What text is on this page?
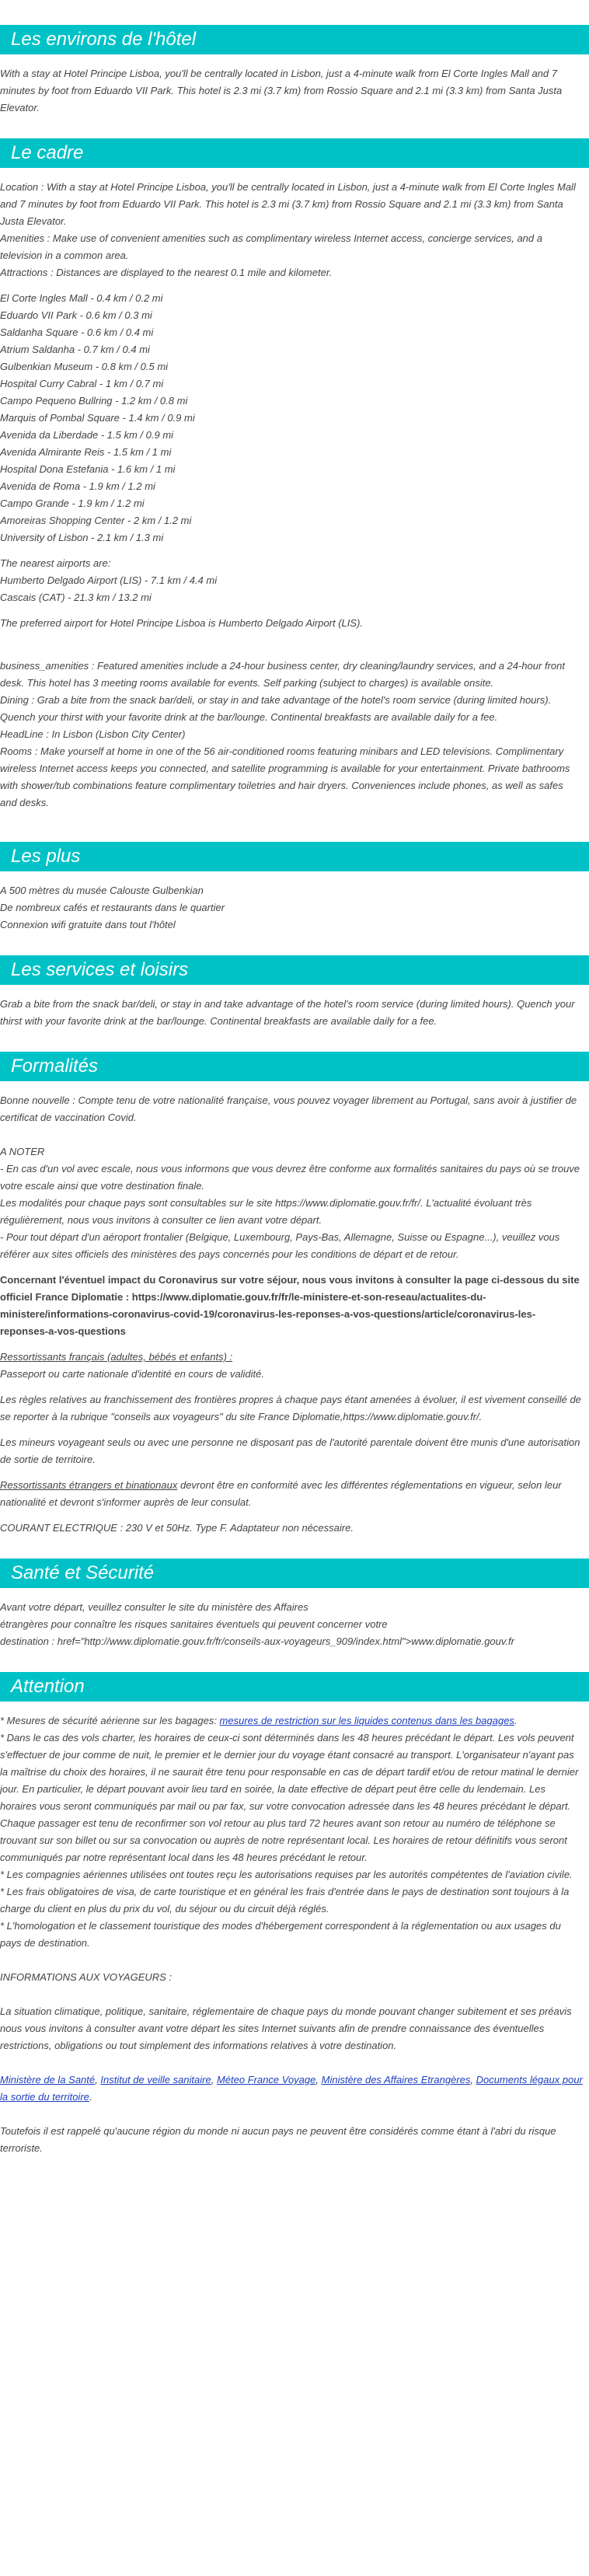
Les environs de l'hôtel

With a stay at Hotel Principe Lisboa, you'll be centrally located in Lisbon, just a 4-minute walk from El Corte Ingles Mall and 7 minutes by foot from Eduardo VII Park. This hotel is 2.3 mi (3.7 km) from Rossio Square and 2.1 mi (3.3 km) from Santa Justa Elevator.

Le cadre

Location : With a stay at Hotel Principe Lisboa, you'll be centrally located in Lisbon, just a 4-minute walk from El Corte Ingles Mall and 7 minutes by foot from Eduardo VII Park. This hotel is 2.3 mi (3.7 km) from Rossio Square and 2.1 mi (3.3 km) from Santa Justa Elevator.

Amenities : Make use of convenient amenities such as complimentary wireless Internet access, concierge services, and a television in a common area.

Attractions : Distances are displayed to the nearest 0.1 mile and kilometer.

El Corte Ingles Mall - 0.4 km / 0.2 mi
Eduardo VII Park - 0.6 km / 0.3 mi
Saldanha Square - 0.6 km / 0.4 mi
Atrium Saldanha - 0.7 km / 0.4 mi
Gulbenkian Museum - 0.8 km / 0.5 mi
Hospital Curry Cabral - 1 km / 0.7 mi
Campo Pequeno Bullring - 1.2 km / 0.8 mi
Marquis of Pombal Square - 1.4 km / 0.9 mi
Avenida da Liberdade - 1.5 km / 0.9 mi
Avenida Almirante Reis - 1.5 km / 1 mi
Hospital Dona Estefania - 1.6 km / 1 mi
Avenida de Roma - 1.9 km / 1.2 mi
Campo Grande - 1.9 km / 1.2 mi
Amoreiras Shopping Center - 2 km / 1.2 mi
University of Lisbon - 2.1 km / 1.3 mi

The nearest airports are:

Humberto Delgado Airport (LIS) - 7.1 km / 4.4 mi
Cascais (CAT) - 21.3 km / 13.2 mi

The preferred airport for Hotel Principe Lisboa is Humberto Delgado Airport (LIS).

business_amenities : Featured amenities include a 24-hour business center, dry cleaning/laundry services, and a 24-hour front desk. This hotel has 3 meeting rooms available for events. Self parking (subject to charges) is available onsite.

Dining : Grab a bite from the snack bar/deli, or stay in and take advantage of the hotel's room service (during limited hours). Quench your thirst with your favorite drink at the bar/lounge. Continental breakfasts are available daily for a fee.

HeadLine : In Lisbon (Lisbon City Center)

Rooms : Make yourself at home in one of the 56 air-conditioned rooms featuring minibars and LED televisions. Complimentary wireless Internet access keeps you connected, and satellite programming is available for your entertainment. Private bathrooms with shower/tub combinations feature complimentary toiletries and hair dryers. Conveniences include phones, as well as safes and desks.

Les plus
A 500 mètres du musée Calouste Gulbenkian
De nombreux cafés et restaurants dans le quartier
Connexion wifi gratuite dans tout l'hôtel
Les services et loisirs

Grab a bite from the snack bar/deli, or stay in and take advantage of the hotel's room service (during limited hours). Quench your thirst with your favorite drink at the bar/lounge. Continental breakfasts are available daily for a fee.

Formalités

Bonne nouvelle : Compte tenu de votre nationalité française, vous pouvez voyager librement au Portugal, sans avoir à justifier de certificat de vaccination Covid.

A NOTER

- En cas d'un vol avec escale, nous vous informons que vous devrez être conforme aux formalités sanitaires du pays où se trouve votre escale ainsi que votre destination finale.

Les modalités pour chaque pays sont consultables sur le site https://www.diplomatie.gouv.fr/fr/. L'actualité évoluant très régulièrement, nous vous invitons à consulter ce lien avant votre départ.

- Pour tout départ d'un aéroport frontalier (Belgique, Luxembourg, Pays-Bas, Allemagne, Suisse ou Espagne...), veuillez vous référer aux sites officiels des ministères des pays concernés pour les conditions de départ et de retour.

Concernant l'éventuel impact du Coronavirus sur votre séjour, nous vous invitons à consulter la page ci-dessous du site officiel France Diplomatie : https://www.diplomatie.gouv.fr/fr/le-ministere-et-son-reseau/actualites-du-ministere/informations-coronavirus-covid-19/coronavirus-les-reponses-a-vos-questions/article/coronavirus-les-reponses-a-vos-questions

Ressortissants français (adultes, bébés et enfants) :

Passeport ou carte nationale d'identité en cours de validité.

Les règles relatives au franchissement des frontières propres à chaque pays étant amenées à évoluer, il est vivement conseillé de se reporter à la rubrique "conseils aux voyageurs" du site France Diplomatie,https://www.diplomatie.gouv.fr/.

Les mineurs voyageant seuls ou avec une personne ne disposant pas de l'autorité parentale doivent être munis d'une autorisation de sortie de territoire.

Ressortissants étrangers et binationaux devront être en conformité avec les différentes réglementations en vigueur, selon leur nationalité et devront s'informer auprès de leur consulat.

COURANT ELECTRIQUE : 230 V et 50Hz. Type F. Adaptateur non nécessaire.

Santé et Sécurité

Avant votre départ, veuillez consulter le site du ministère des Affaires

étrangères pour connaître les risques sanitaires éventuels qui peuvent concerner votre

destination : href="http://www.diplomatie.gouv.fr/fr/conseils-aux-voyageurs_909/index.html">www.diplomatie.gouv.fr

Attention

* Mesures de sécurité aérienne sur les bagages: mesures de restriction sur les liquides contenus dans les bagages.

* Dans le cas des vols charter, les horaires de ceux-ci sont déterminés dans les 48 heures précédant le départ. Les vols peuvent s'effectuer de jour comme de nuit, le premier et le dernier jour du voyage étant consacré au transport. L'organisateur n'ayant pas la maîtrise du choix des horaires, il ne saurait être tenu pour responsable en cas de départ tardif et/ou de retour matinal le dernier jour. En particulier, le départ pouvant avoir lieu tard en soirée, la date effective de départ peut être celle du lendemain. Les horaires vous seront communiqués par mail ou par fax, sur votre convocation adressée dans les 48 heures précédant le départ. Chaque passager est tenu de reconfirmer son vol retour au plus tard 72 heures avant son retour au numéro de téléphone se trouvant sur son billet ou sur sa convocation ou auprès de notre représentant local. Les horaires de retour définitifs vous seront communiqués par notre représentant local dans les 48 heures précédant le retour.

* Les compagnies aériennes utilisées ont toutes reçu les autorisations requises par les autorités compétentes de l'aviation civile.

* Les frais obligatoires de visa, de carte touristique et en général les frais d'entrée dans le pays de destination sont toujours à la charge du client en plus du prix du vol, du séjour ou du circuit déjà réglés.

* L'homologation et le classement touristique des modes d'hébergement correspondent à la réglementation ou aux usages du pays de destination.

INFORMATIONS AUX VOYAGEURS :

La situation climatique, politique, sanitaire, réglementaire de chaque pays du monde pouvant changer subitement et ses préavis nous vous invitons à consulter avant votre départ les sites Internet suivants afin de prendre connaissance des éventuelles restrictions, obligations ou tout simplement des informations relatives à votre destination.

Ministère de la Santé, Institut de veille sanitaire, Méteo France Voyage, Ministère des Affaires Etrangères, Documents légaux pour la sortie du territoire.

Toutefois il est rappelé qu'aucune région du monde ni aucun pays ne peuvent être considérés comme étant à l'abri du risque terroriste.
